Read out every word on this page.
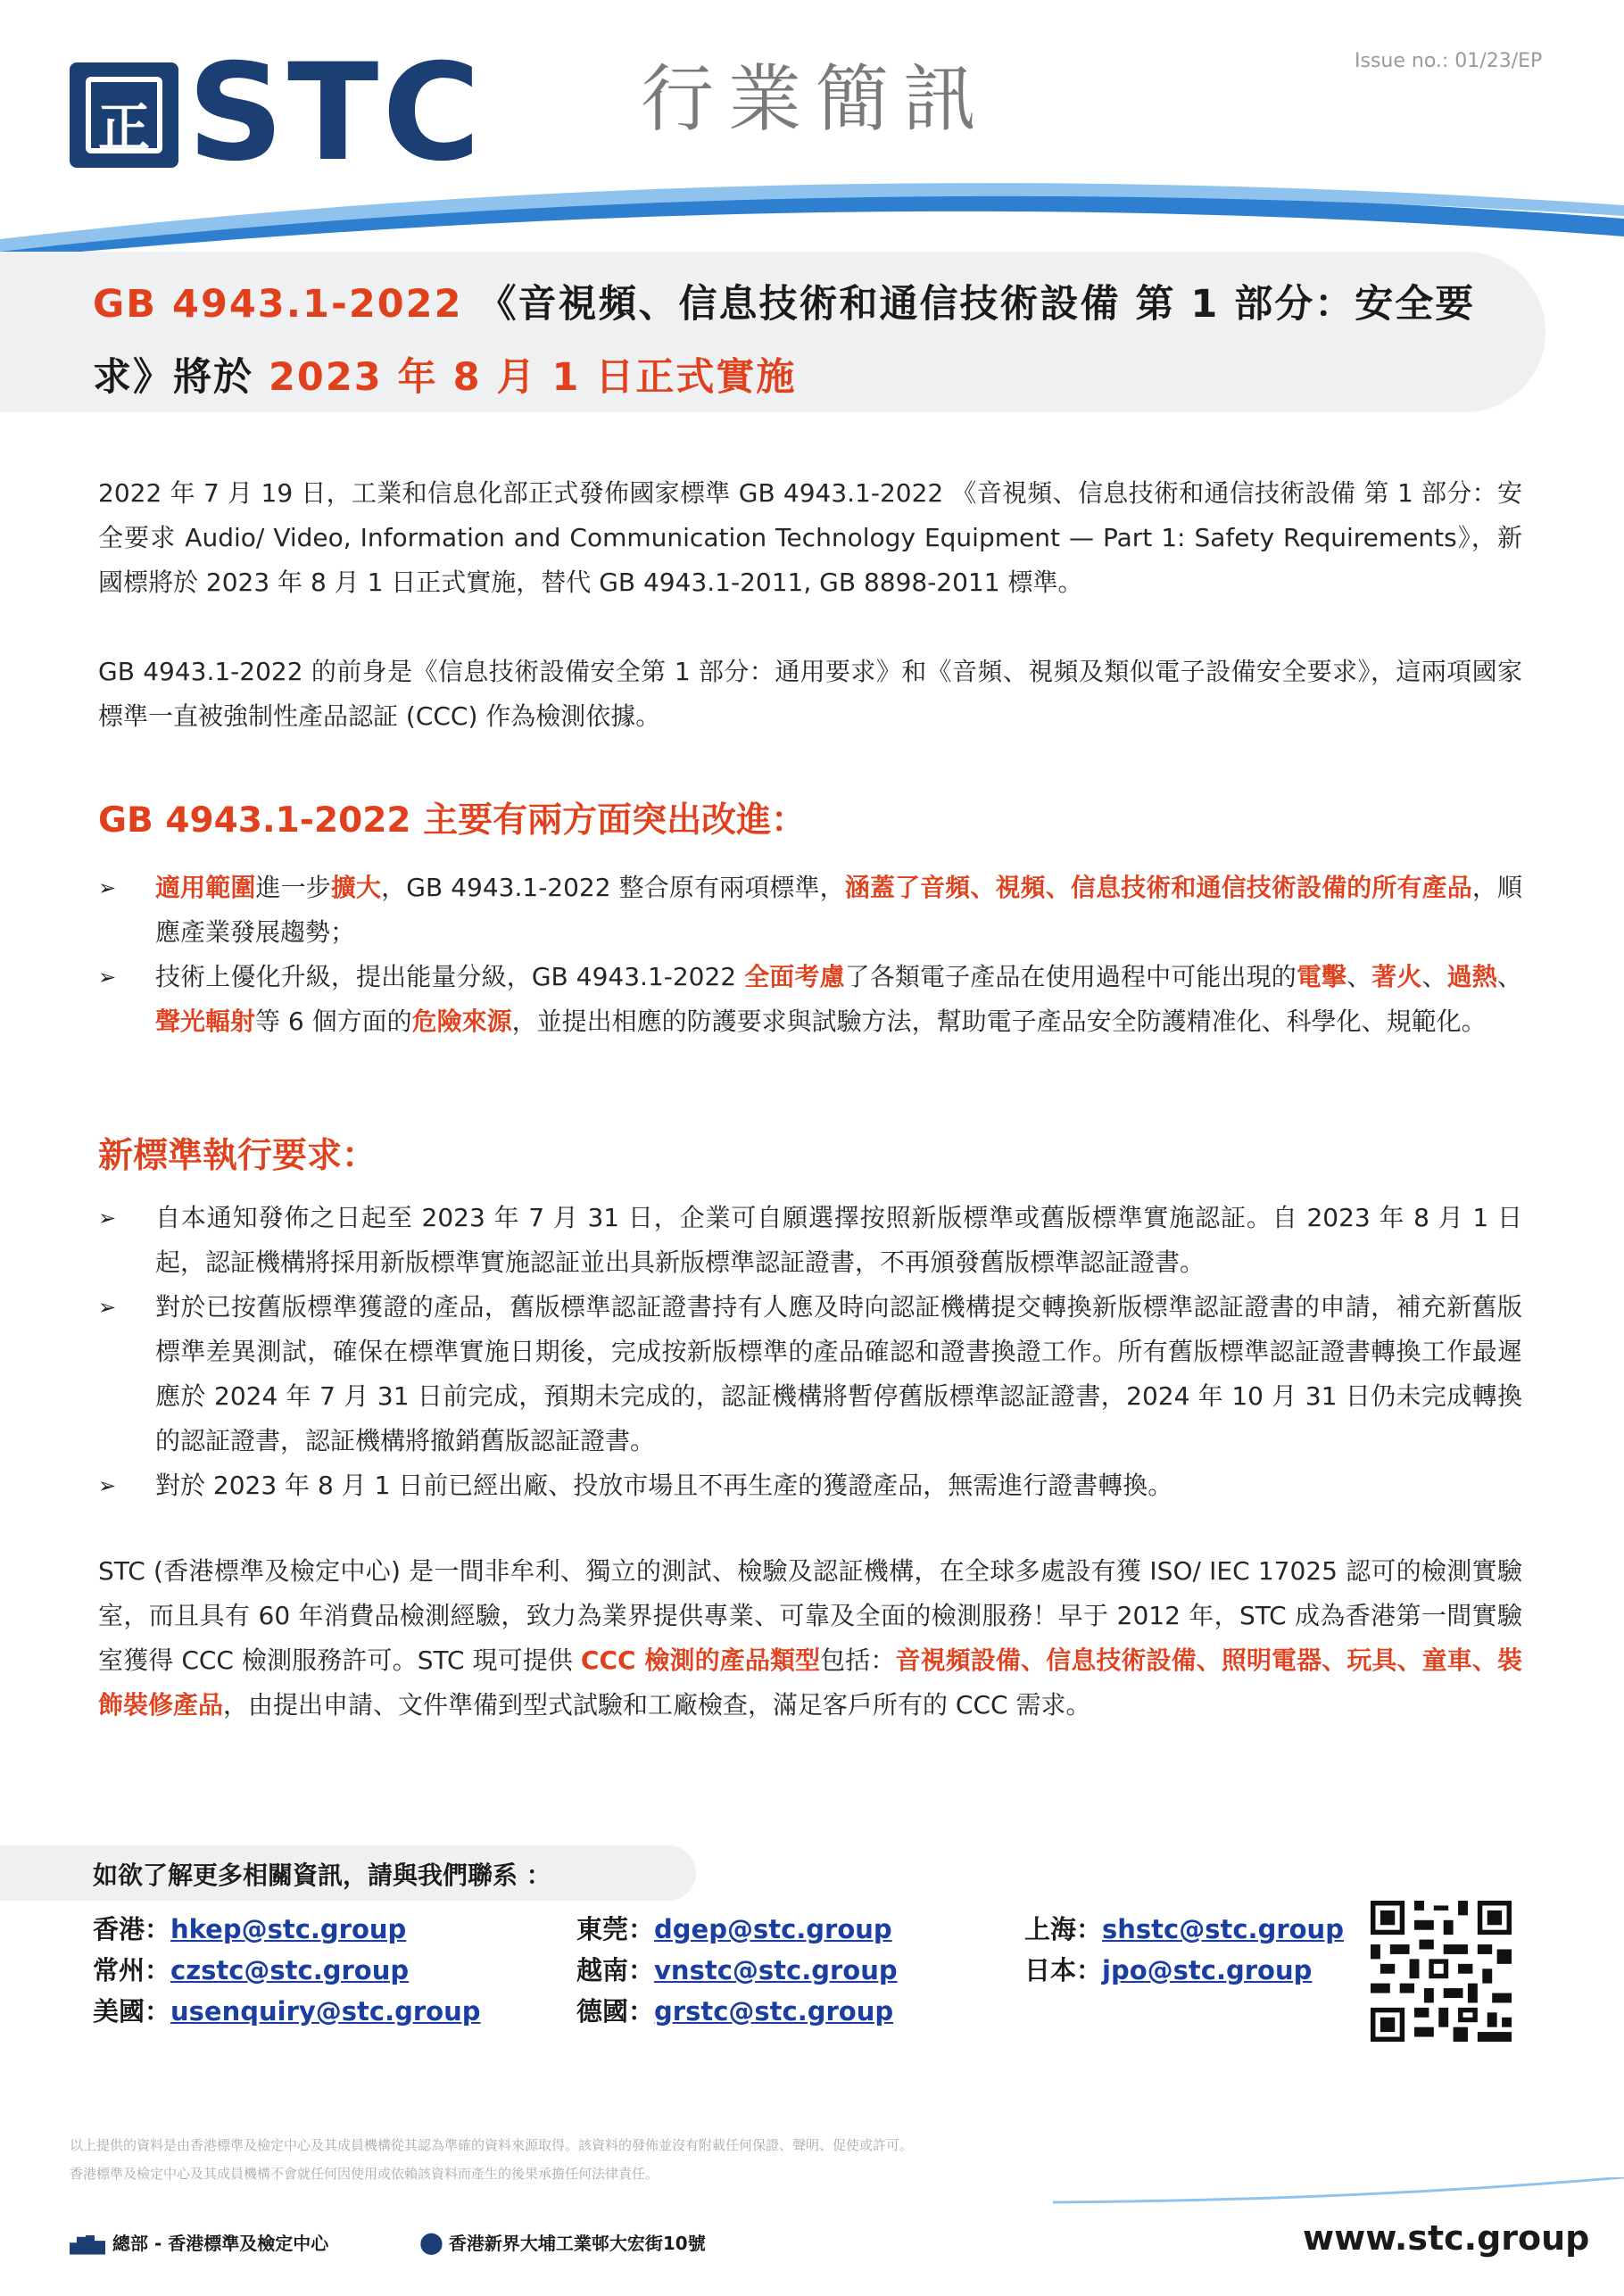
正 STC 行業簡訊	Issue no.: 01/23/EP
GB 4943.1-2022 《音視頻、信息技術和通信技術設備 第 1 部分：安全要求》將於 2023 年 8 月 1 日正式實施
2022 年 7 月 19 日，工業和信息化部正式發佈國家標準 GB 4943.1-2022 《音視頻、信息技術和通信技術設備 第 1 部分：安全要求 Audio/ Video, Information and Communication Technology Equipment — Part 1: Safety Requirements》，新國標將於 2023 年 8 月 1 日正式實施，替代 GB 4943.1-2011, GB 8898-2011 標準。
GB 4943.1-2022 的前身是《信息技術設備安全第 1 部分：通用要求》和《音頻、視頻及類似電子設備安全要求》，這兩項國家標準一直被強制性產品認証 (CCC) 作為檢測依據。
GB 4943.1-2022 主要有兩方面突出改進：
➢ 適用範圍進一步擴大，GB 4943.1-2022 整合原有兩項標準，涵蓋了音頻、視頻、信息技術和通信技術設備的所有產品，順應產業發展趨勢；
➢ 技術上優化升級，提出能量分級，GB 4943.1-2022 全面考慮了各類電子產品在使用過程中可能出現的電擊、著火、過熱、聲光輻射等 6 個方面的危險來源，並提出相應的防護要求與試驗方法，幫助電子產品安全防護精准化、科學化、規範化。
新標準執行要求：
➢ 自本通知發佈之日起至 2023 年 7 月 31 日，企業可自願選擇按照新版標準或舊版標準實施認証。自 2023 年 8 月 1 日起，認証機構將採用新版標準實施認証並出具新版標準認証證書，不再頒發舊版標準認証證書。
➢ 對於已按舊版標準獲證的產品，舊版標準認証證書持有人應及時向認証機構提交轉換新版標準認証證書的申請，補充新舊版標準差異測試，確保在標準實施日期後，完成按新版標準的產品確認和證書換證工作。所有舊版標準認証證書轉換工作最遲應於 2024 年 7 月 31 日前完成，預期未完成的，認証機構將暫停舊版標準認証證書，2024 年 10 月 31 日仍未完成轉換的認証證書，認証機構將撤銷舊版認証證書。
➢ 對於 2023 年 8 月 1 日前已經出廠、投放市場且不再生產的獲證產品，無需進行證書轉換。
STC (香港標準及檢定中心) 是一間非牟利、獨立的測試、檢驗及認証機構，在全球多處設有獲 ISO/ IEC 17025 認可的檢測實驗室，而且具有 60 年消費品檢測經驗，致力為業界提供專業、可靠及全面的檢測服務！早于 2012 年，STC 成為香港第一間實驗室獲得 CCC 檢測服務許可。STC 現可提供 CCC 檢測的產品類型包括：音視頻設備、信息技術設備、照明電器、玩具、童車、裝飾裝修產品，由提出申請、文件準備到型式試驗和工廠檢查，滿足客戶所有的 CCC 需求。
如欲了解更多相關資訊，請與我們聯系 ：
香港：hkep@stc.group	東莞：dgep@stc.group	上海：shstc@stc.group
常州：czstc@stc.group	越南：vnstc@stc.group	日本：jpo@stc.group
美國：usenquiry@stc.group	德國：grstc@stc.group
以上提供的資料是由香港標準及檢定中心及其成員機構從其認為準確的資料來源取得。該資料的發佈並沒有附載任何保證、聲明、促使或許可。
香港標準及檢定中心及其成員機構不會就任何因使用或依賴該資料而產生的後果承擔任何法律責任。
總部 - 香港標準及檢定中心	⬤ 香港新界大埔工業邨大宏街10號	www.stc.group
